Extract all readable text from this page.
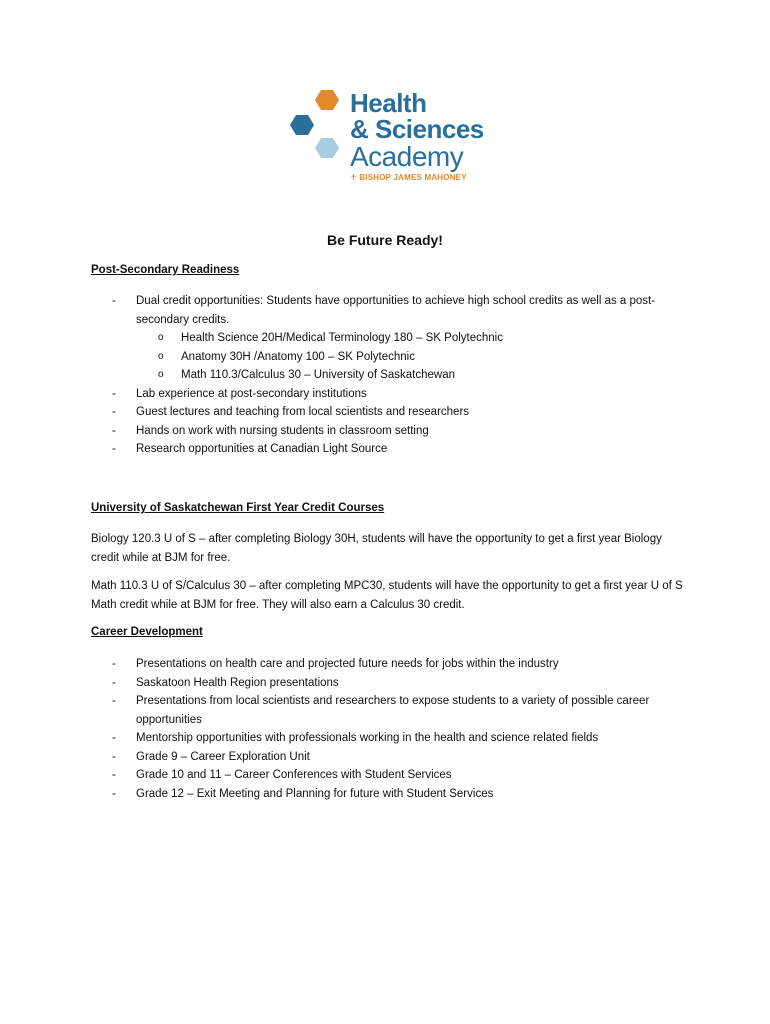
Health
& Sciences
Academy
✝ BISHOP JAMES MAHONEY
Be Future Ready!
Post-Secondary Readiness
- Dual credit opportunities: Students have opportunities to achieve high school credits as well as a post-secondary credits.
o Health Science 20H/Medical Terminology 180 – SK Polytechnic
o Anatomy 30H /Anatomy 100 – SK Polytechnic
o Math 110.3/Calculus 30 – University of Saskatchewan
- Lab experience at post-secondary institutions
- Guest lectures and teaching from local scientists and researchers
- Hands on work with nursing students in classroom setting
- Research opportunities at Canadian Light Source
University of Saskatchewan First Year Credit Courses
Biology 120.3 U of S – after completing Biology 30H, students will have the opportunity to get a first year Biology credit while at BJM for free.
Math 110.3 U of S/Calculus 30 – after completing MPC30, students will have the opportunity to get a first year U of S Math credit while at BJM for free. They will also earn a Calculus 30 credit.
Career Development
- Presentations on health care and projected future needs for jobs within the industry
- Saskatoon Health Region presentations
- Presentations from local scientists and researchers to expose students to a variety of possible career opportunities
- Mentorship opportunities with professionals working in the health and science related fields
- Grade 9 – Career Exploration Unit
- Grade 10 and 11 – Career Conferences with Student Services
- Grade 12 – Exit Meeting and Planning for future with Student Services
